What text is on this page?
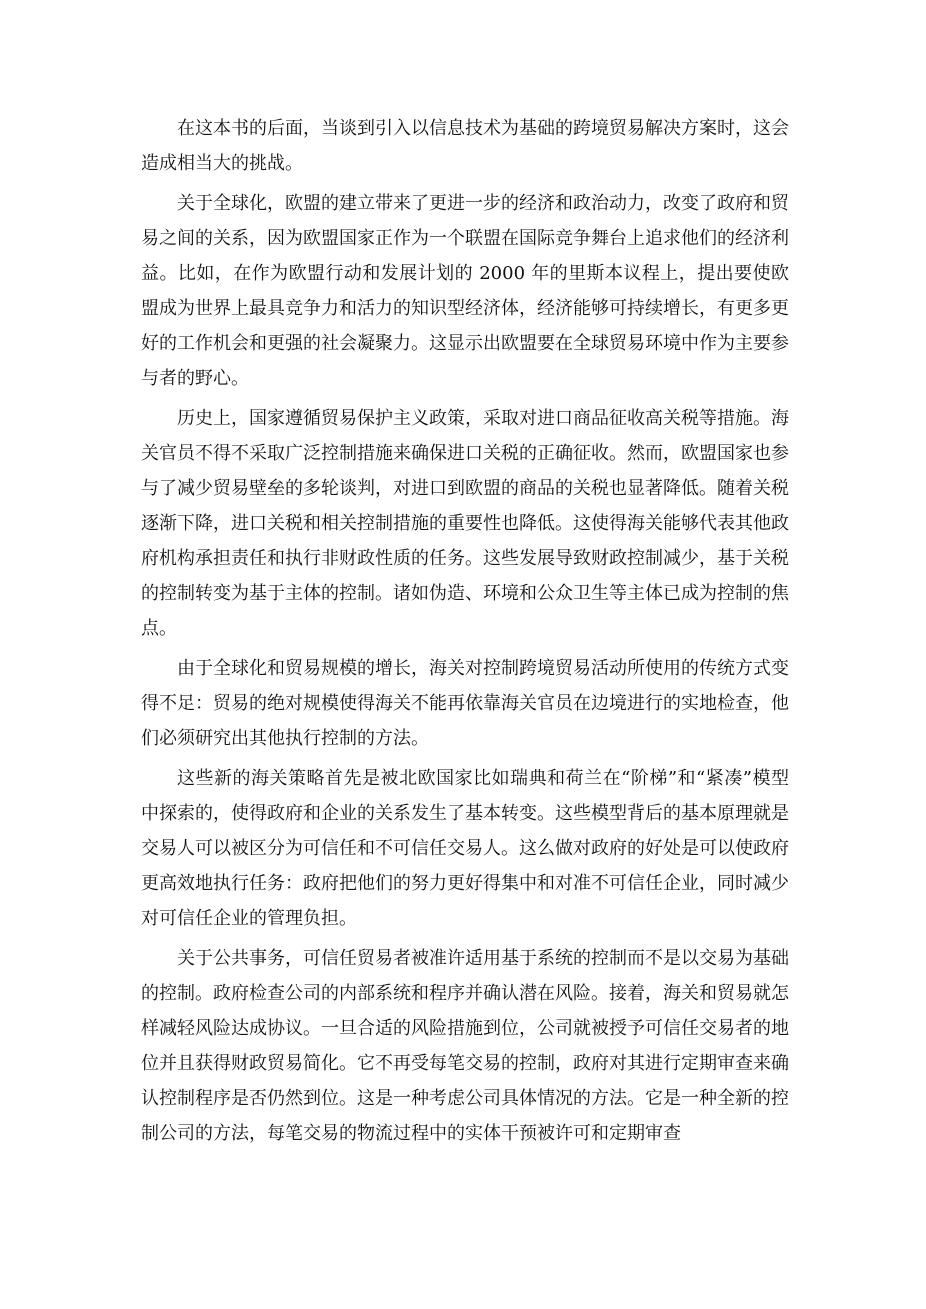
在这本书的后面，当谈到引入以信息技术为基础的跨境贸易解决方案时，这会造成相当大的挑战。

关于全球化，欧盟的建立带来了更进一步的经济和政治动力，改变了政府和贸易之间的关系，因为欧盟国家正作为一个联盟在国际竞争舞台上追求他们的经济利益。比如，在作为欧盟行动和发展计划的 2000 年的里斯本议程上，提出要使欧盟成为世界上最具竞争力和活力的知识型经济体，经济能够可持续增长，有更多更好的工作机会和更强的社会凝聚力。这显示出欧盟要在全球贸易环境中作为主要参与者的野心。

历史上，国家遵循贸易保护主义政策，采取对进口商品征收高关税等措施。海关官员不得不采取广泛控制措施来确保进口关税的正确征收。然而，欧盟国家也参与了减少贸易壁垒的多轮谈判，对进口到欧盟的商品的关税也显著降低。随着关税逐渐下降，进口关税和相关控制措施的重要性也降低。这使得海关能够代表其他政府机构承担责任和执行非财政性质的任务。这些发展导致财政控制减少，基于关税的控制转变为基于主体的控制。诸如伪造、环境和公众卫生等主体已成为控制的焦点。

由于全球化和贸易规模的增长，海关对控制跨境贸易活动所使用的传统方式变得不足：贸易的绝对规模使得海关不能再依靠海关官员在边境进行的实地检查，他们必须研究出其他执行控制的方法。

这些新的海关策略首先是被北欧国家比如瑞典和荷兰在“阶梯”和“紧凑”模型中探索的，使得政府和企业的关系发生了基本转变。这些模型背后的基本原理就是交易人可以被区分为可信任和不可信任交易人。这么做对政府的好处是可以使政府更高效地执行任务：政府把他们的努力更好得集中和对准不可信任企业，同时减少对可信任企业的管理负担。

关于公共事务，可信任贸易者被准许适用基于系统的控制而不是以交易为基础的控制。政府检查公司的内部系统和程序并确认潜在风险。接着，海关和贸易就怎样减轻风险达成协议。一旦合适的风险措施到位，公司就被授予可信任交易者的地位并且获得财政贸易简化。它不再受每笔交易的控制，政府对其进行定期审查来确认控制程序是否仍然到位。这是一种考虑公司具体情况的方法。它是一种全新的控制公司的方法，每笔交易的物流过程中的实体干预被许可和定期审查
